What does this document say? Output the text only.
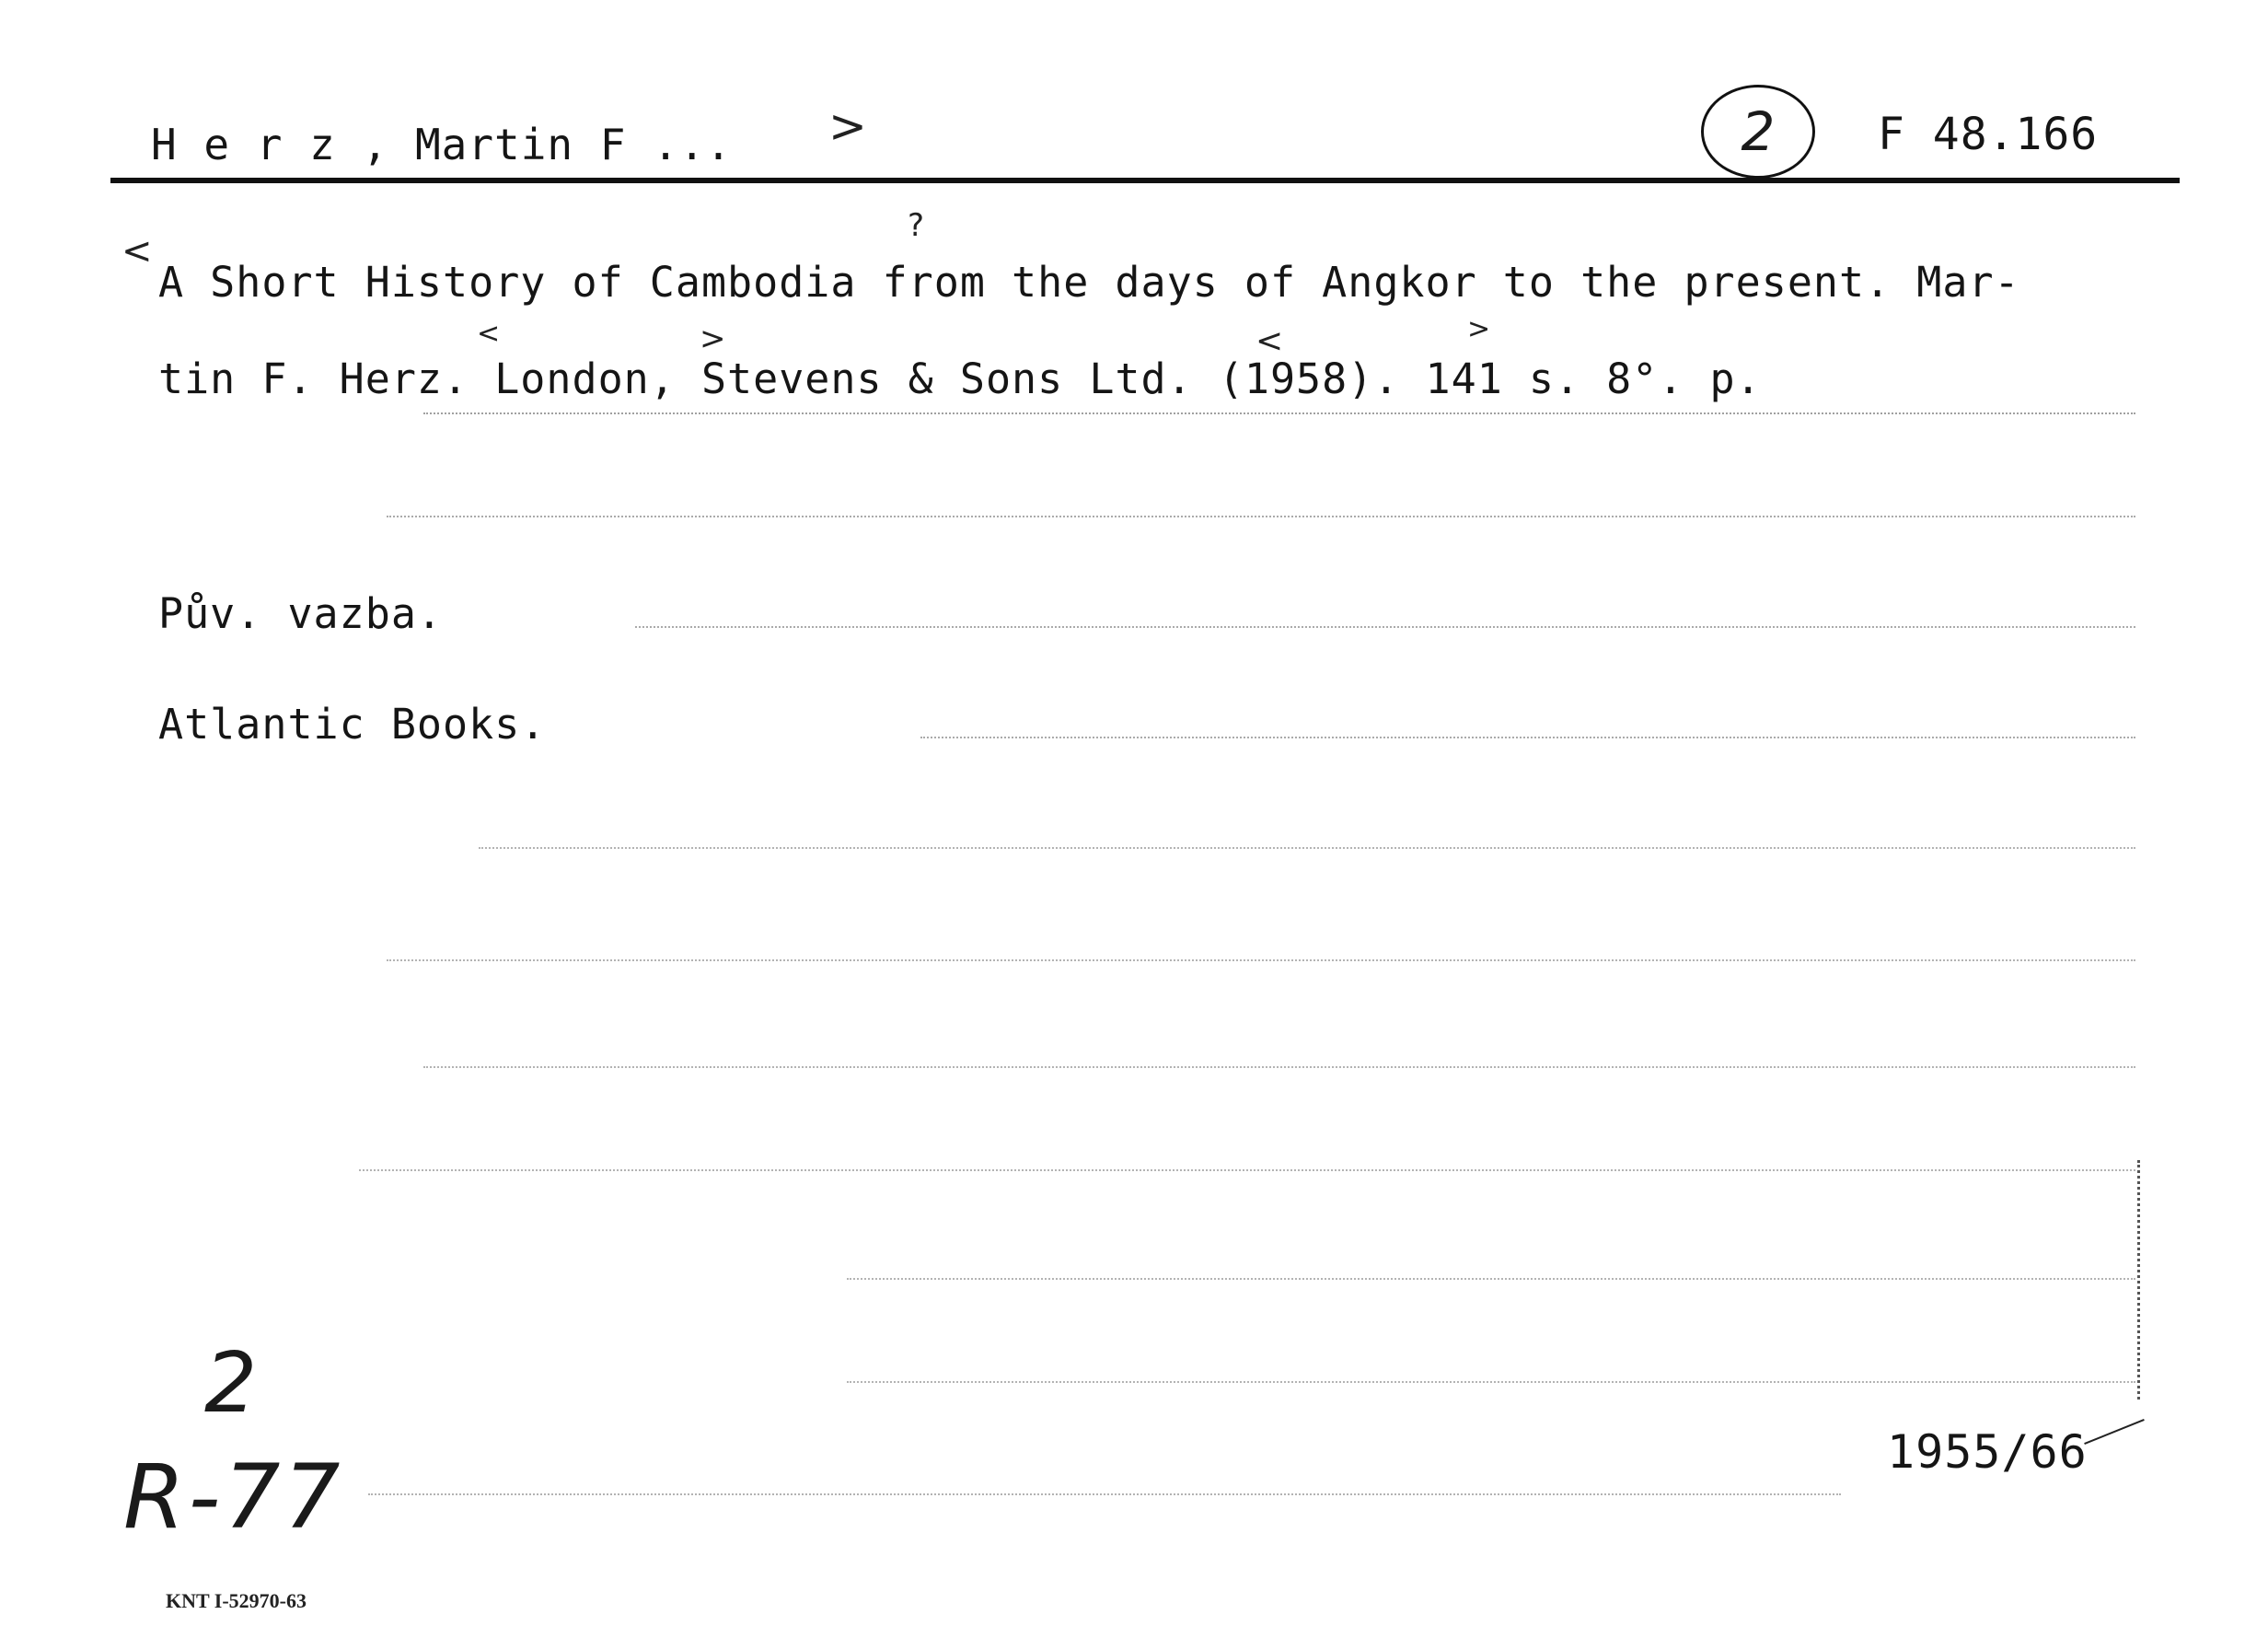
H e r z , Martin F ... >	2	F 48.166
A Short History of Cambodia from the days of Angkor to the present. Mar-
tin F. Herz. London, Stevens & Sons Ltd. (1958). 141 s. 8°. p.
<
?
<	>	<	>
Pův. vazba.
Atlantic Books.
1955/66
2
R-77
KNT I-52970-63
